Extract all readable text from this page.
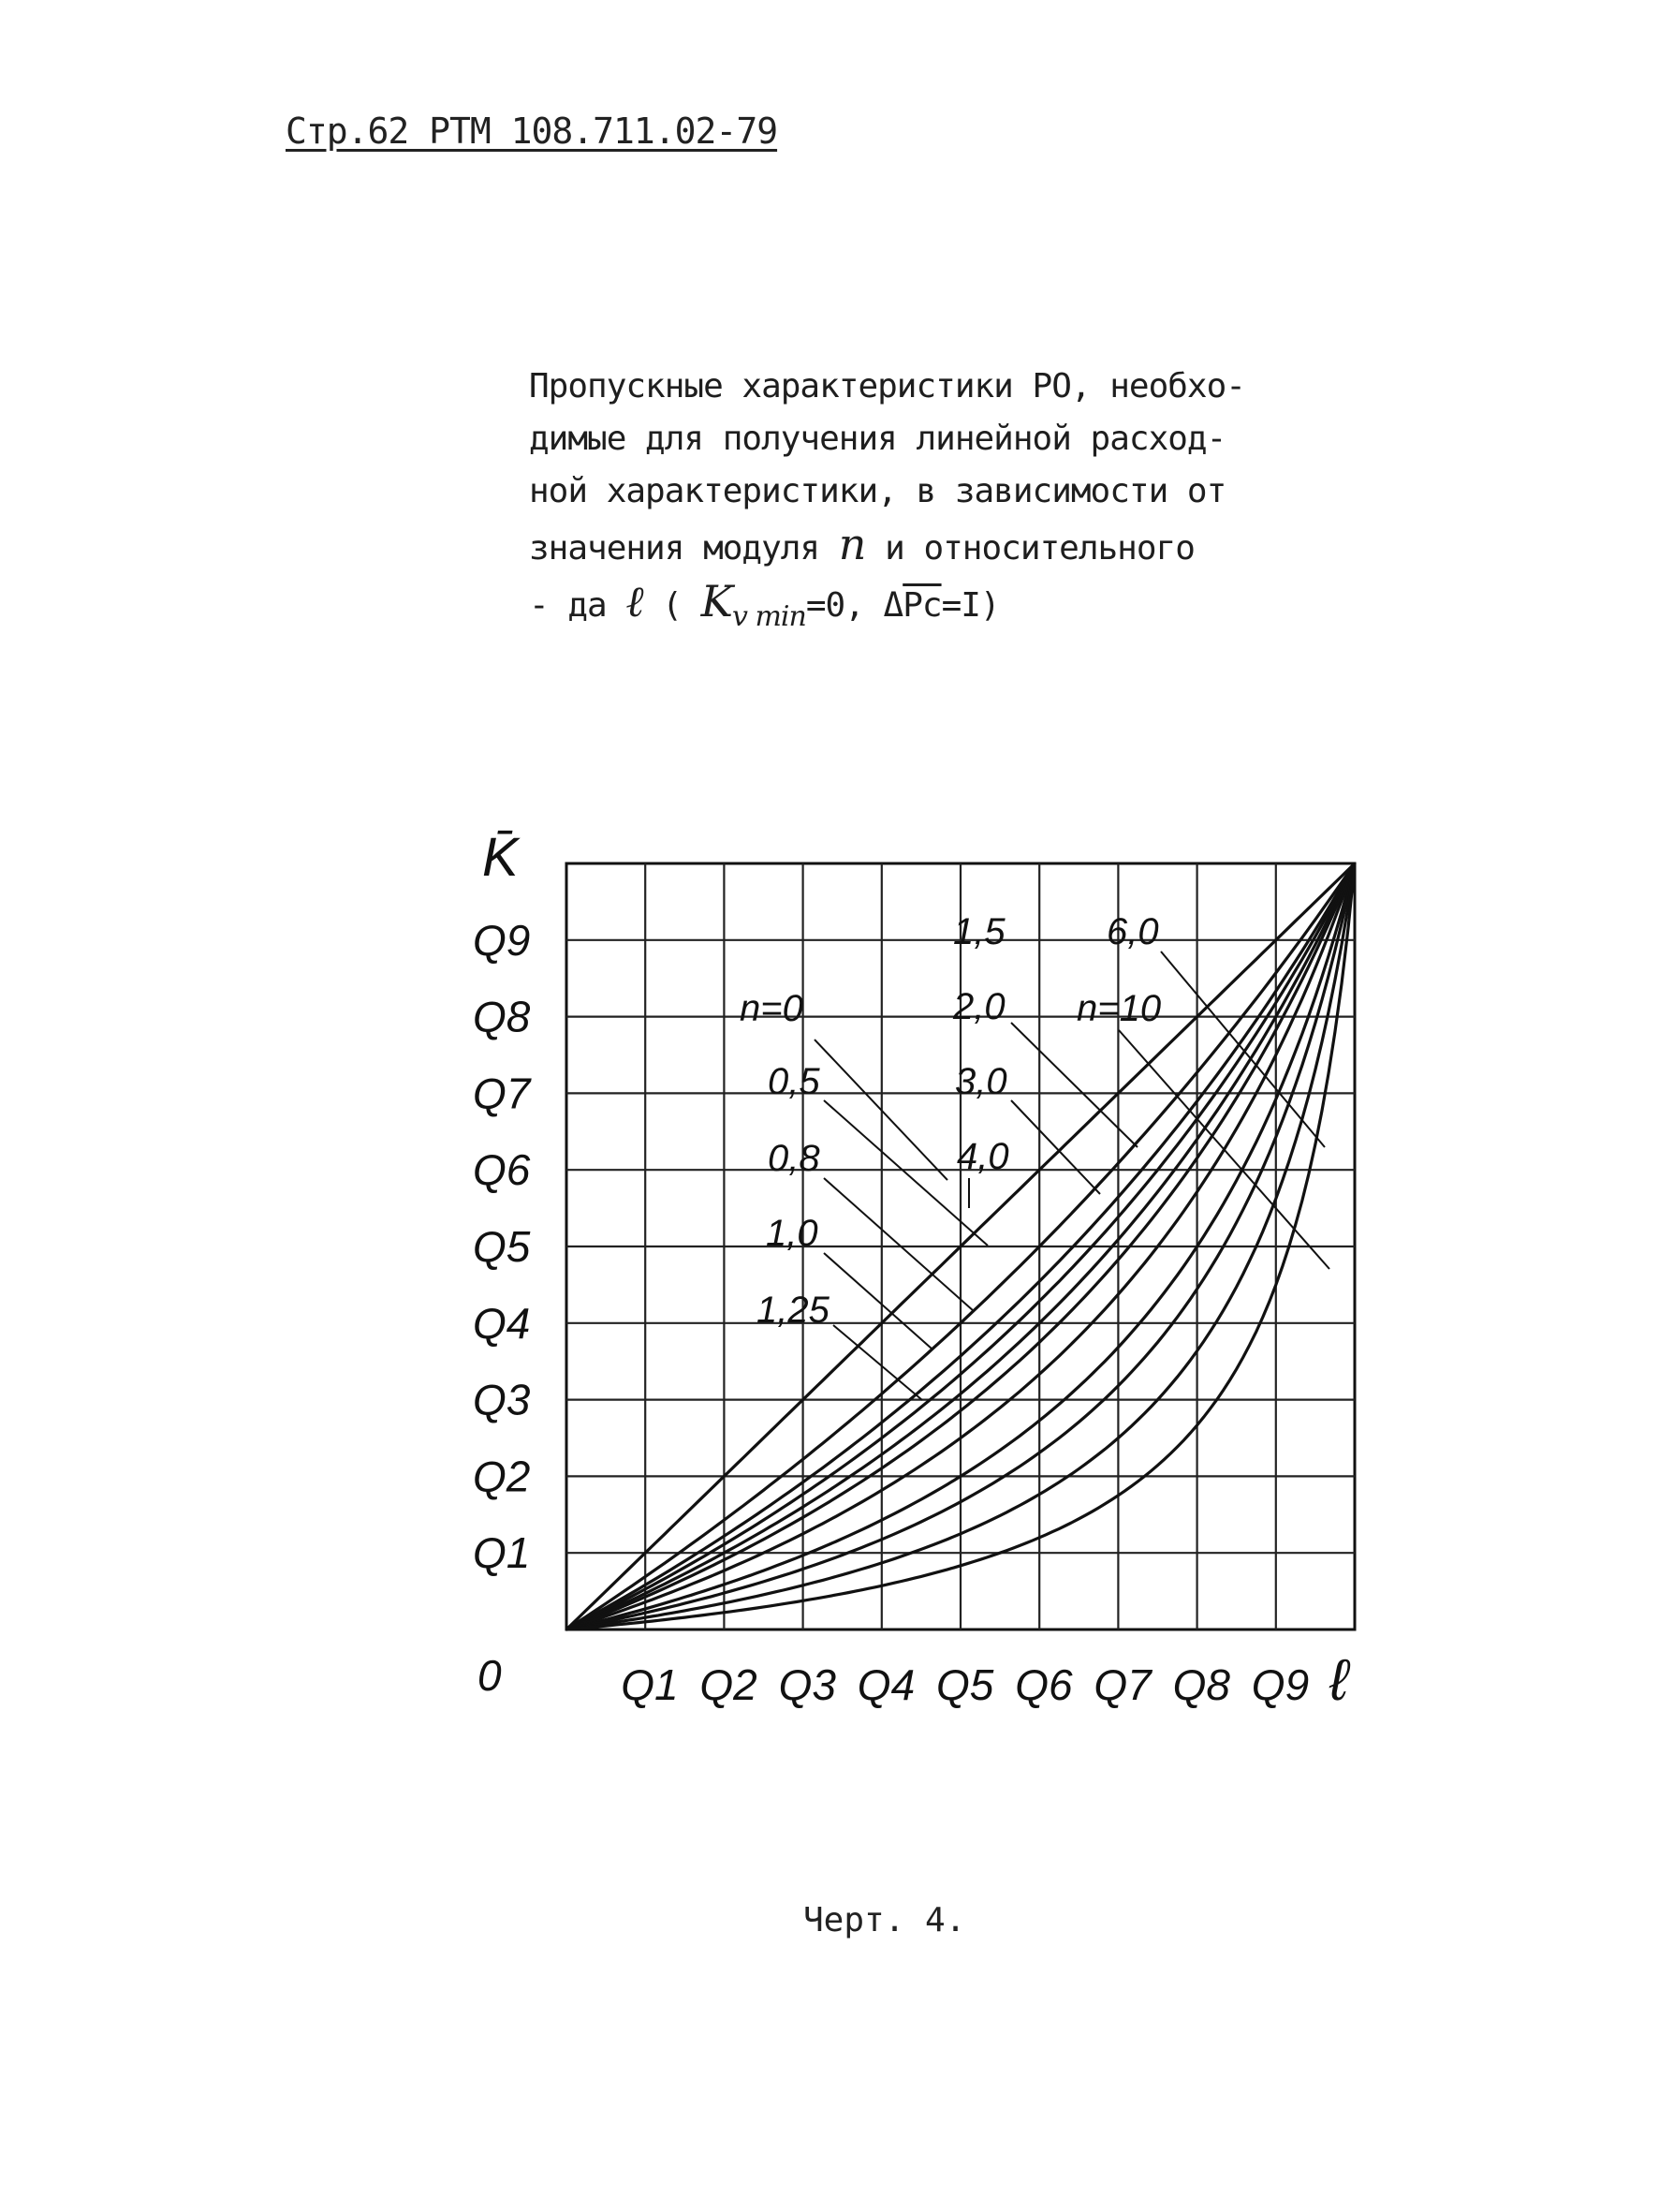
Стр.62 РТМ 108.711.02-79
Пропускные характеристики РО, необхо-
димые для получения линейной расход-
ной характеристики, в зависимости от
значения модуля n и относительного
- да ℓ ( $K_{v min}=0$, $\Delta\overline{Pc}=I$)
n=0
0,5
0,8
1,0
1,25
1,5
2,0
3,0
4,0
6,0
n=10
Q1 Q2 Q3 Q4 Q5 Q6 Q7 Q8 Q9
Q1
Q2
Q3
Q4
Q5
Q6
Q7
Q8
Q9
0	ℓ
K̄
Черт. 4.
